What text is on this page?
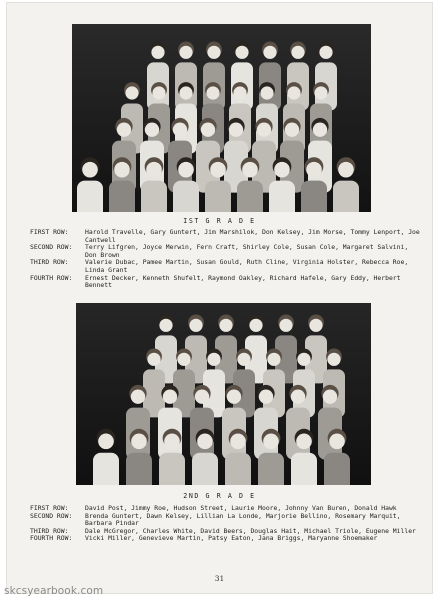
IST G R A D E
FIRST ROW:	Harold Travelle, Gary Guntert, Jim Marshilok, Don Kelsey, Jim Morse, Tommy Lenport, Joe Cantwell
SECOND ROW:	Terry Lifgren, Joyce Merwin, Fern Craft, Shirley Cole, Susan Cole, Margaret Salvini, Don Brown
THIRD ROW:	Valerie Dubac, Pamee Martin, Susan Gould, Ruth Cline, Virginia Holster, Rebecca Roe, Linda Grant
FOURTH ROW:	Ernest Decker, Kenneth Shufelt, Raymond Oakley, Richard Hafele, Gary Eddy, Herbert Bennett
2ND G R A D E
FIRST ROW:	David Post, Jimmy Roe, Hudson Street, Laurie Moore, Johnny Van Buren, Donald Hawk
SECOND ROW:	Brenda Guntert, Dawn Kelsey, Lillian La Londe, Marjorie Bellino, Rosemary Marquit, Barbara Pindar
THIRD ROW:	Dale McGregor, Charles White, David Beers, Douglas Hait, Michael Triole, Eugene Miller
FOURTH ROW:	Vicki Miller, Genevieve Martin, Patsy Eaton, Jana Briggs, Maryanne Shoemaker
31
skcsyearbook.com
